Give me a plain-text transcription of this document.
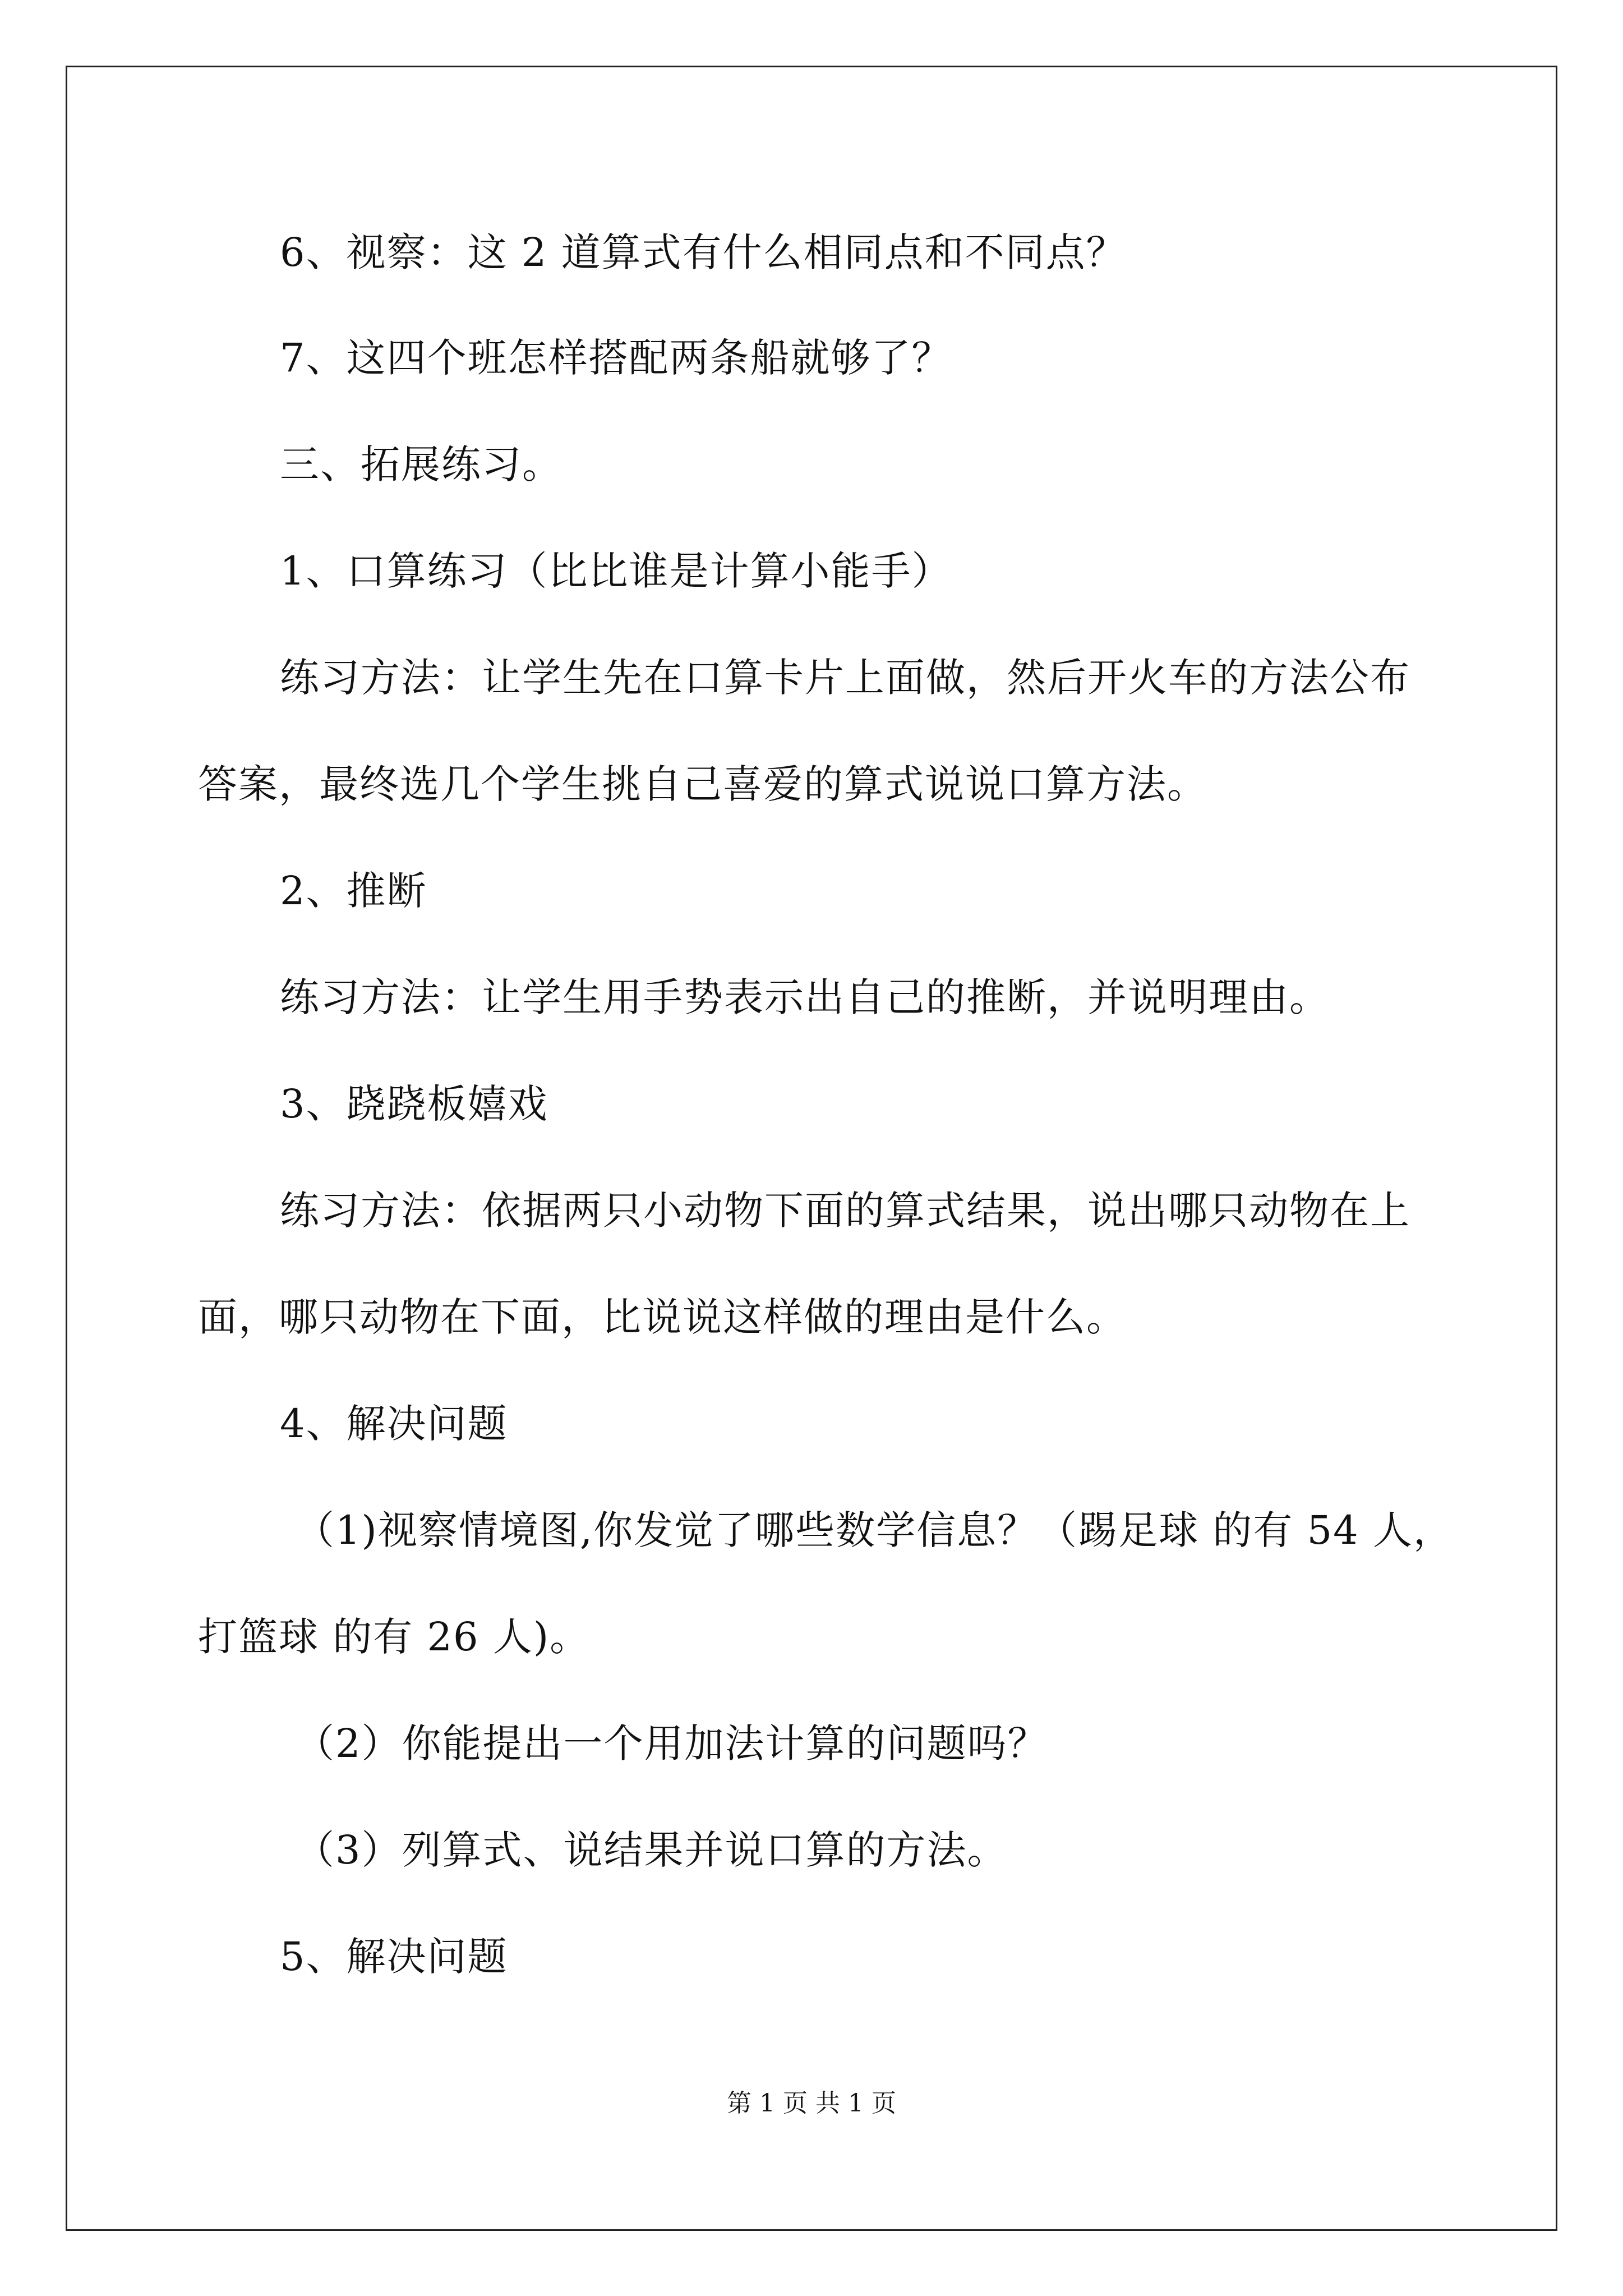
6、视察：这 2 道算式有什么相同点和不同点？
7、这四个班怎样搭配两条船就够了？
三、拓展练习。
1、口算练习（比比谁是计算小能手）
练习方法：让学生先在口算卡片上面做，然后开火车的方法公布
答案，最终选几个学生挑自己喜爱的算式说说口算方法。
2、推断
练习方法：让学生用手势表示出自己的推断，并说明理由。
3、跷跷板嬉戏
练习方法：依据两只小动物下面的算式结果，说出哪只动物在上
面，哪只动物在下面，比说说这样做的理由是什么。
4、解决问题
（1)视察情境图,你发觉了哪些数学信息？（踢足球 的有 54 人，
打篮球 的有 26 人)。
（2）你能提出一个用加法计算的问题吗？
（3）列算式、说结果并说口算的方法。
5、解决问题
第 1 页 共 1 页
